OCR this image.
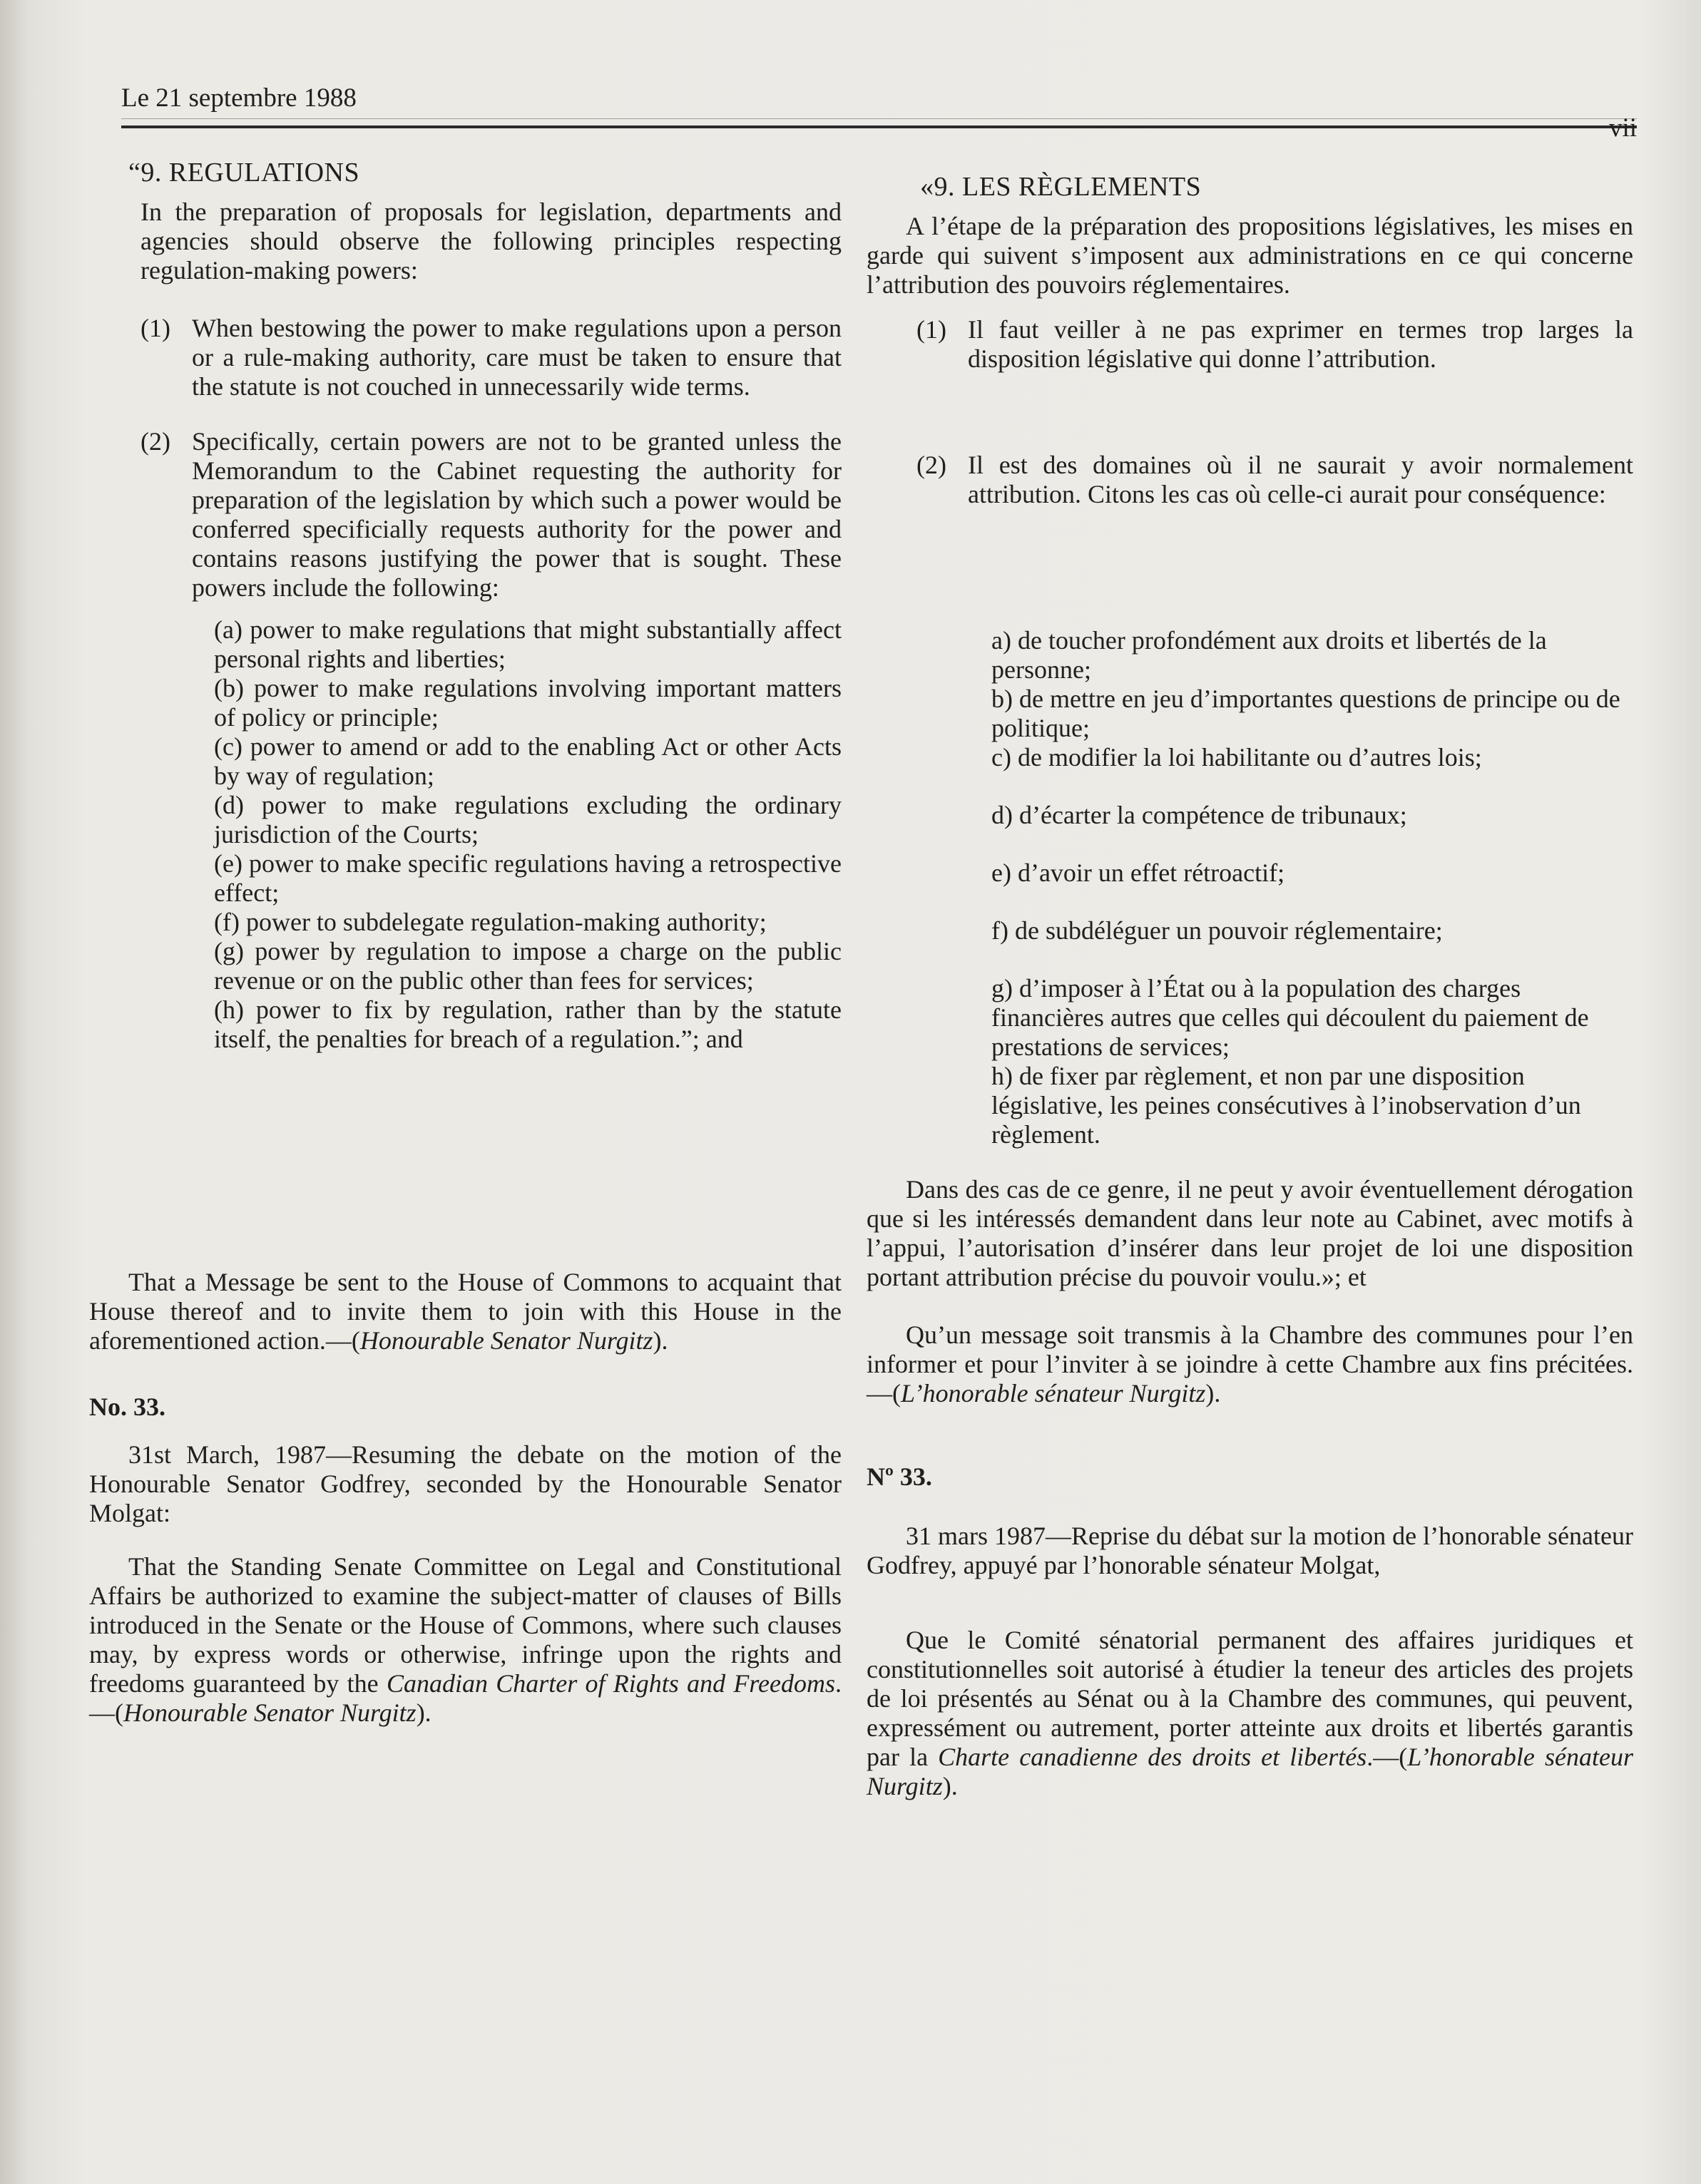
Le 21 septembre 1988
vii
“9. REGULATIONS

In the preparation of proposals for legislation, departments and agencies should observe the following principles respecting regulation-making powers:

(1) When bestowing the power to make regulations upon a person or a rule-making authority, care must be taken to ensure that the statute is not couched in unnecessarily wide terms.
(2) Specifically, certain powers are not to be granted unless the Memorandum to the Cabinet requesting the authority for preparation of the legislation by which such a power would be conferred specificially requests authority for the power and contains reasons justifying the power that is sought. These powers include the following:
(a) power to make regulations that might substantially affect personal rights and liberties;
(b) power to make regulations involving important matters of policy or principle;
(c) power to amend or add to the enabling Act or other Acts by way of regulation;
(d) power to make regulations excluding the ordinary jurisdiction of the Courts;
(e) power to make specific regulations having a retrospective effect;
(f) power to subdelegate regulation-making authority;
(g) power by regulation to impose a charge on the public revenue or on the public other than fees for services;
(h) power to fix by regulation, rather than by the statute itself, the penalties for breach of a regulation.”; and

That a Message be sent to the House of Commons to acquaint that House thereof and to invite them to join with this House in the aforementioned action.—(Honourable Senator Nurgitz).

No. 33.

31st March, 1987—Resuming the debate on the motion of the Honourable Senator Godfrey, seconded by the Honourable Senator Molgat:

That the Standing Senate Committee on Legal and Constitutional Affairs be authorized to examine the subject-matter of clauses of Bills introduced in the Senate or the House of Commons, where such clauses may, by express words or otherwise, infringe upon the rights and freedoms guaranteed by the Canadian Charter of Rights and Freedoms.—(Honourable Senator Nurgitz).

«9. LES RÈGLEMENTS

A l’étape de la préparation des propositions législatives, les mises en garde qui suivent s’imposent aux administrations en ce qui concerne l’attribution des pouvoirs réglementaires.

(1) Il faut veiller à ne pas exprimer en termes trop larges la disposition législative qui donne l’attribution.
(2) Il est des domaines où il ne saurait y avoir normalement attribution. Citons les cas où celle-ci aurait pour conséquence:
a) de toucher profondément aux droits et libertés de la personne;
b) de mettre en jeu d’importantes questions de principe ou de politique;
c) de modifier la loi habilitante ou d’autres lois;
d) d’écarter la compétence de tribunaux;
e) d’avoir un effet rétroactif;
f) de subdéléguer un pouvoir réglementaire;
g) d’imposer à l’État ou à la population des charges financières autres que celles qui découlent du paiement de prestations de services;
h) de fixer par règlement, et non par une disposition législative, les peines consécutives à l’inobservation d’un règlement.

Dans des cas de ce genre, il ne peut y avoir éventuellement dérogation que si les intéressés demandent dans leur note au Cabinet, avec motifs à l’appui, l’autorisation d’insérer dans leur projet de loi une disposition portant attribution précise du pouvoir voulu.»; et

Qu’un message soit transmis à la Chambre des communes pour l’en informer et pour l’inviter à se joindre à cette Chambre aux fins précitées.—(L’honorable sénateur Nurgitz).

Nº 33.

31 mars 1987—Reprise du débat sur la motion de l’honorable sénateur Godfrey, appuyé par l’honorable sénateur Molgat,

Que le Comité sénatorial permanent des affaires juridiques et constitutionnelles soit autorisé à étudier la teneur des articles des projets de loi présentés au Sénat ou à la Chambre des communes, qui peuvent, expressément ou autrement, porter atteinte aux droits et libertés garantis par la Charte canadienne des droits et libertés.—(L’honorable sénateur Nurgitz).
